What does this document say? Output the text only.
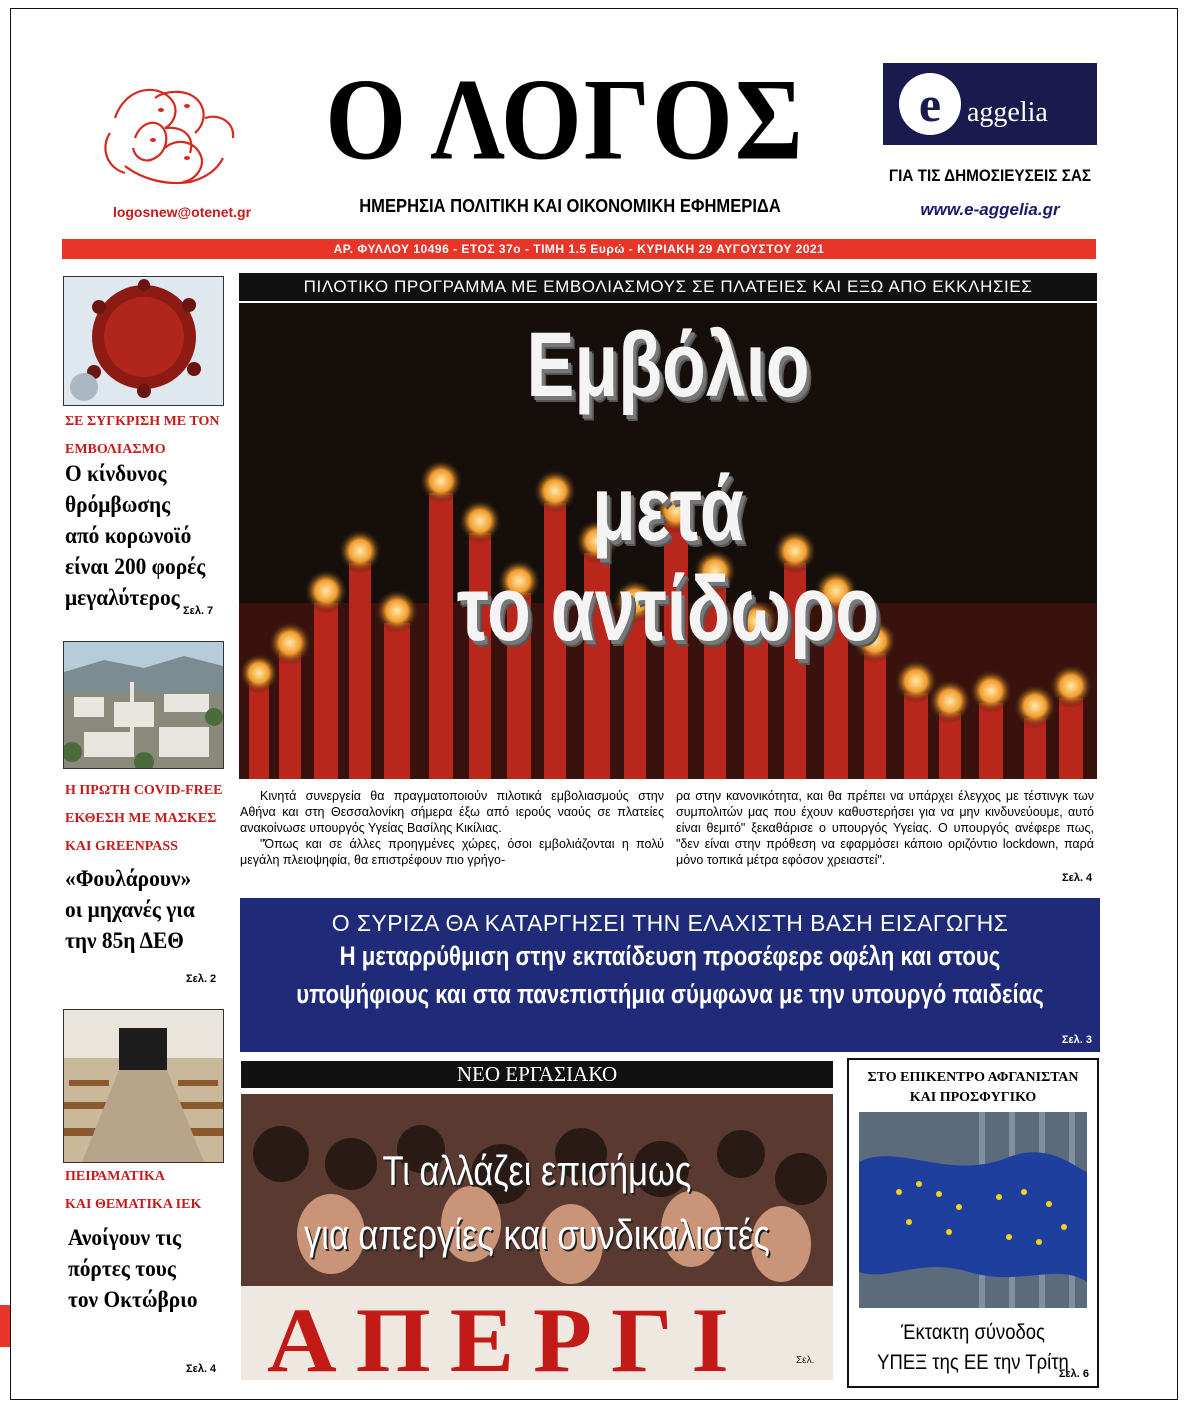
logosnew@otenet.gr
Ο ΛΟΓΟΣ
ΗΜΕΡΗΣΙΑ ΠΟΛΙΤΙΚΗ ΚΑΙ ΟΙΚΟΝΟΜΙΚΗ ΕΦΗΜΕΡΙΔΑ
e aggelia
ΓΙΑ ΤΙΣ ΔΗΜΟΣΙΕΥΣΕΙΣ ΣΑΣ
www.e-aggelia.gr
ΑΡ. ΦΥΛΛΟΥ 10496 - ΕΤΟΣ 37ο - ΤΙΜΗ 1.5 Ευρώ - ΚΥΡΙΑΚΗ 29 ΑΥΓΟΥΣΤΟΥ 2021
ΣΕ ΣΥΓΚΡΙΣΗ ΜΕ ΤΟΝ
ΕΜΒΟΛΙΑΣΜΟ
Ο κίνδυνος
θρόμβωσης
από κορωνοϊό
είναι 200 φορές
μεγαλύτερος
Σελ. 7
Η ΠΡΩΤΗ COVID-FREE
ΕΚΘΕΣΗ ΜΕ ΜΑΣΚΕΣ
ΚΑΙ GREENPASS
«Φουλάρουν»
οι μηχανές για
την 85η ΔΕΘ
Σελ. 2
ΠΕΙΡΑΜΑΤΙΚΑ
ΚΑΙ ΘΕΜΑΤΙΚΑ ΙΕΚ
Ανοίγουν τις
πόρτες τους
τον Οκτώβριο
Σελ. 4
ΠΙΛΟΤΙΚΟ ΠΡΟΓΡΑΜΜΑ ΜΕ ΕΜΒΟΛΙΑΣΜΟΥΣ ΣΕ ΠΛΑΤΕΙΕΣ ΚΑΙ ΕΞΩ ΑΠΟ ΕΚΚΛΗΣΙΕΣ
Εμβόλιο
μετά
το αντίδωρο

Κινητά συνεργεία θα πραγματοποιούν πιλοτικά εμβολιασμούς στην Αθήνα και στη Θεσσαλονίκη σήμερα έξω από ιερούς ναούς σε πλατείες ανακοίνωσε υπουργός Υγείας Βασίλης Κικίλιας.

"Όπως και σε άλλες προηγμένες χώρες, όσοι εμβολιάζονται η πολύ μεγάλη πλειοψηφία, θα επιστρέφουν πιο γρήγο-

ρα στην κανονικότητα, και θα πρέπει να υπάρχει έλεγχος με τέστινγκ των συμπολιτών μας που έχουν καθυστερήσει για να μην κινδυνεύουμε, αυτό είναι θεμιτό" ξεκαθάρισε ο υπουργός Υγείας. Ο υπουργός ανέφερε πως, "δεν είναι στην πρόθεση να εφαρμόσει κάποιο οριζόντιο lockdown, παρά μόνο τοπικά μέτρα εφόσον χρειαστεί".

Σελ. 4
Ο ΣΥΡΙΖΑ ΘΑ ΚΑΤΑΡΓΗΣΕΙ ΤΗΝ ΕΛΑΧΙΣΤΗ ΒΑΣΗ ΕΙΣΑΓΩΓΗΣ
Η μεταρρύθμιση στην εκπαίδευση προσέφερε οφέλη και στους
υποψήφιους και στα πανεπιστήμια σύμφωνα με την υπουργό παιδείας
Σελ. 3
ΝΕΟ ΕΡΓΑΣΙΑΚΟ
Τι αλλάζει επισήμως
για απεργίες και συνδικαλιστές
ΑΠΕΡΓΙ	Σελ.
ΣΤΟ ΕΠΙΚΕΝΤΡΟ ΑΦΓΑΝΙΣΤΑΝ
ΚΑΙ ΠΡΟΣΦΥΓΙΚΟ
Έκτακτη σύνοδος
ΥΠΕΞ της ΕΕ την Τρίτη
Σελ. 6
